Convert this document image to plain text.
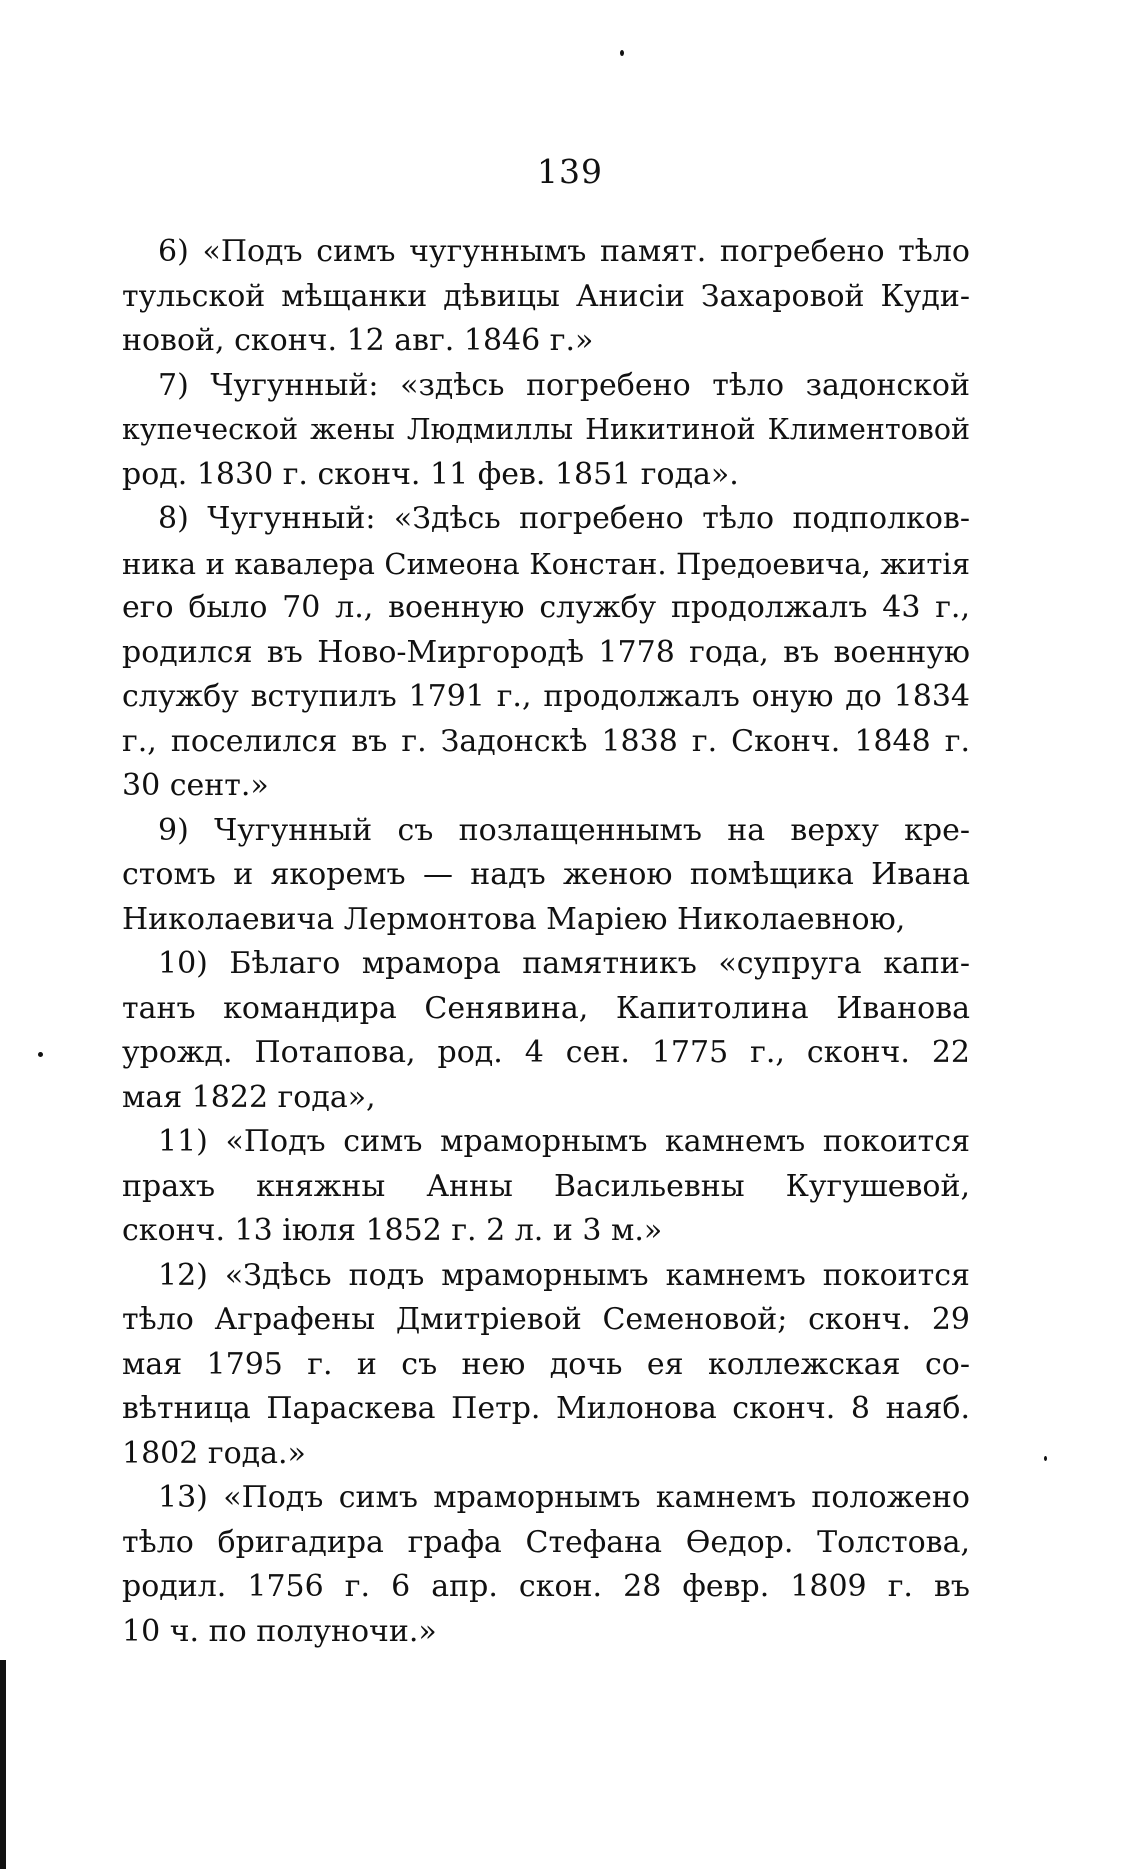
139
6) «Подъ симъ чугуннымъ памят. погребено тѣло
тульской мѣщанки дѣвицы Анисiи Захаровой Куди-
новой, сконч. 12 авг. 1846 г.»
7) Чугунный: «здѣсь погребено тѣло задонской
купеческой жены Людмиллы Никитиной Климентовой
род. 1830 г. сконч. 11 фев. 1851 года».
8) Чугунный: «Здѣсь погребено тѣло подполков-
ника и кавалера Симеона Констан. Предоевича, житiя
его было 70 л., военную службу продолжалъ 43 г.,
родился въ Ново-Миргородѣ 1778 года, въ военную
службу вступилъ 1791 г., продолжалъ оную до 1834
г., поселился въ г. Задонскѣ 1838 г. Сконч. 1848 г.
30 сент.»
9) Чугунный съ позлащеннымъ на верху кре-
стомъ и якоремъ — надъ женою помѣщика Ивана
Николаевича Лермонтова Марiею Николаевною,
10) Бѣлаго мрамора памятникъ «супруга капи-
танъ командира Сенявина, Капитолина Иванова
урожд. Потапова, род. 4 сен. 1775 г., сконч. 22
мая 1822 года»,
11) «Подъ симъ мраморнымъ камнемъ покоится
прахъ княжны Анны Васильевны Кугушевой,
сконч. 13 iюля 1852 г. 2 л. и 3 м.»
12) «Здѣсь подъ мраморнымъ камнемъ покоится
тѣло Аграфены Дмитрiевой Семеновой; сконч. 29
мая 1795 г. и съ нею дочь ея коллежская со-
вѣтница Параскева Петр. Милонова сконч. 8 наяб.
1802 года.»
13) «Подъ симъ мраморнымъ камнемъ положено
тѣло бригадира графа Стефана Өедор. Толстова,
родил. 1756 г. 6 апр. скон. 28 февр. 1809 г. въ
10 ч. по полуночи.»
